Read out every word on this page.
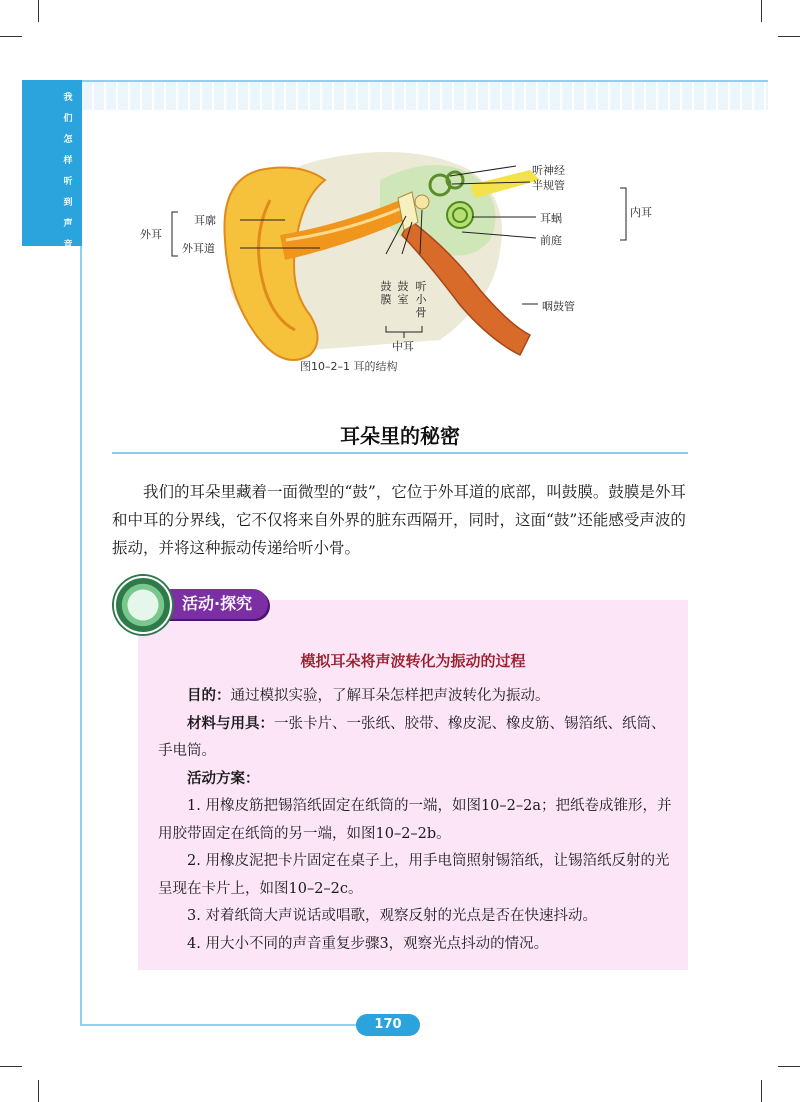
我
们
怎
样
听
到
声
音
外耳
耳廓
外耳道
鼓膜
鼓室
听小骨
中耳
听神经
半规管
耳蜗
前庭
内耳
咽鼓管
图10–2–1 耳的结构
耳朵里的秘密
我们的耳朵里藏着一面微型的“鼓”，它位于外耳道的底部，叫鼓膜。鼓膜是外耳和中耳的分界线，它不仅将来自外界的脏东西隔开，同时，这面“鼓”还能感受声波的振动，并将这种振动传递给听小骨。
活动·探究
模拟耳朵将声波转化为振动的过程

目的：通过模拟实验，了解耳朵怎样把声波转化为振动。

材料与用具：一张卡片、一张纸、胶带、橡皮泥、橡皮筋、锡箔纸、纸筒、手电筒。

活动方案：

1. 用橡皮筋把锡箔纸固定在纸筒的一端，如图10–2–2a；把纸卷成锥形，并用胶带固定在纸筒的另一端，如图10–2–2b。

2. 用橡皮泥把卡片固定在桌子上，用手电筒照射锡箔纸，让锡箔纸反射的光呈现在卡片上，如图10–2–2c。

3. 对着纸筒大声说话或唱歌，观察反射的光点是否在快速抖动。

4. 用大小不同的声音重复步骤3，观察光点抖动的情况。

170
